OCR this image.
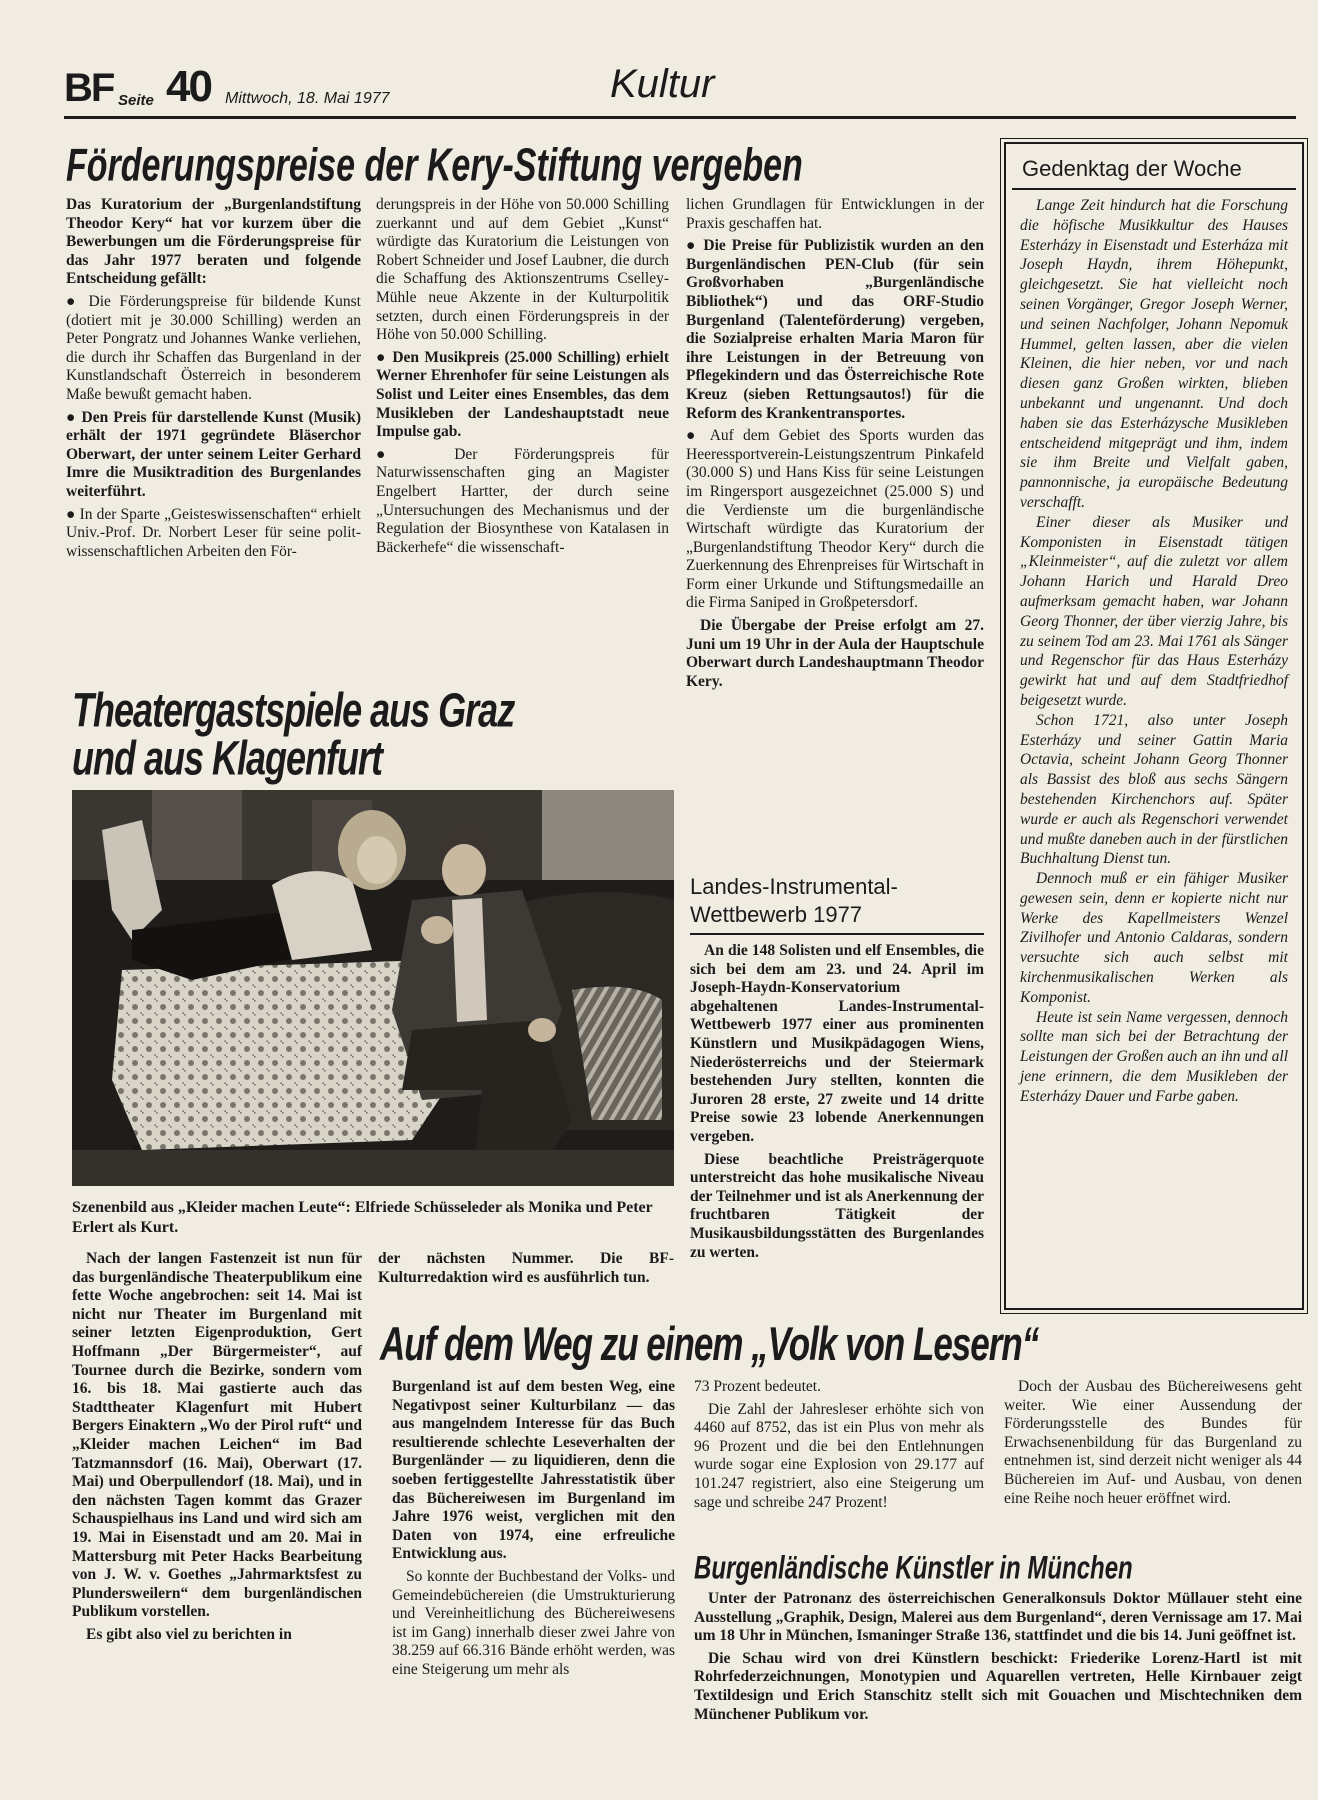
BF Seite 40 Mittwoch, 18. Mai 1977	Kultur
Förderungspreise der Kery-Stiftung vergeben

Das Kuratorium der „Burgenlandstiftung Theodor Kery“ hat vor kurzem über die Bewerbungen um die Förderungspreise für das Jahr 1977 beraten und folgende Entscheidung gefällt:

● Die Förderungspreise für bildende Kunst (dotiert mit je 30.000 Schilling) werden an Peter Pongratz und Johannes Wanke verliehen, die durch ihr Schaffen das Burgenland in der Kunstlandschaft Österreich in besonderem Maße bewußt gemacht haben.

● Den Preis für darstellende Kunst (Musik) erhält der 1971 gegründete Bläserchor Oberwart, der unter seinem Leiter Gerhard Imre die Musiktradition des Burgenlandes weiterführt.

● In der Sparte „Geisteswissenschaften“ erhielt Univ.-Prof. Dr. Norbert Leser für seine polit-wissenschaftlichen Arbeiten den För-

derungspreis in der Höhe von 50.000 Schilling zuerkannt und auf dem Gebiet „Kunst“ würdigte das Kuratorium die Leistungen von Robert Schneider und Josef Laubner, die durch die Schaffung des Aktionszentrums Cselley-Mühle neue Akzente in der Kulturpolitik setzten, durch einen Förderungspreis in der Höhe von 50.000 Schilling.

● Den Musikpreis (25.000 Schilling) erhielt Werner Ehrenhofer für seine Leistungen als Solist und Leiter eines Ensembles, das dem Musikleben der Landeshauptstadt neue Impulse gab.

● Der Förderungspreis für Naturwissenschaften ging an Magister Engelbert Hartter, der durch seine „Untersuchungen des Mechanismus und der Regulation der Biosynthese von Katalasen in Bäckerhefe“ die wissenschaft-

lichen Grundlagen für Entwicklungen in der Praxis geschaffen hat.

● Die Preise für Publizistik wurden an den Burgenländischen PEN-Club (für sein Großvorhaben „Burgenländische Bibliothek“) und das ORF-Studio Burgenland (Talenteförderung) vergeben, die Sozialpreise erhalten Maria Maron für ihre Leistungen in der Betreuung von Pflegekindern und das Österreichische Rote Kreuz (sieben Rettungsautos!) für die Reform des Krankentransportes.

● Auf dem Gebiet des Sports wurden das Heeressportverein-Leistungszentrum Pinkafeld (30.000 S) und Hans Kiss für seine Leistungen im Ringersport ausgezeichnet (25.000 S) und die Verdienste um die burgenländische Wirtschaft würdigte das Kuratorium der „Burgenlandstiftung Theodor Kery“ durch die Zuerkennung des Ehrenpreises für Wirtschaft in Form einer Urkunde und Stiftungsmedaille an die Firma Saniped in Großpetersdorf.

Die Übergabe der Preise erfolgt am 27. Juni um 19 Uhr in der Aula der Hauptschule Oberwart durch Landeshauptmann Theodor Kery.

Theatergastspiele aus Graz
und aus Klagenfurt
Szenenbild aus „Kleider machen Leute“: Elfriede Schüsseleder als Monika und Peter Erlert als Kurt.

Nach der langen Fastenzeit ist nun für das burgenländische Theaterpublikum eine fette Woche angebrochen: seit 14. Mai ist nicht nur Theater im Burgenland mit seiner letzten Eigenproduktion, Gert Hoffmann „Der Bürgermeister“, auf Tournee durch die Bezirke, sondern vom 16. bis 18. Mai gastierte auch das Stadttheater Klagenfurt mit Hubert Bergers Einaktern „Wo der Pirol ruft“ und „Kleider machen Leichen“ im Bad Tatzmannsdorf (16. Mai), Oberwart (17. Mai) und Oberpullendorf (18. Mai), und in den nächsten Tagen kommt das Grazer Schauspielhaus ins Land und wird sich am 19. Mai in Eisenstadt und am 20. Mai in Mattersburg mit Peter Hacks Bearbeitung von J. W. v. Goethes „Jahrmarktsfest zu Plundersweilern“ dem burgenländischen Publikum vorstellen.

Es gibt also viel zu berichten in

der nächsten Nummer. Die BF-Kulturredaktion wird es ausführlich tun.

Landes-Instrumental-
Wettbewerb 1977

An die 148 Solisten und elf Ensembles, die sich bei dem am 23. und 24. April im Joseph-Haydn-Konservatorium abgehaltenen Landes-Instrumental-Wettbewerb 1977 einer aus prominenten Künstlern und Musikpädagogen Wiens, Niederösterreichs und der Steiermark bestehenden Jury stellten, konnten die Juroren 28 erste, 27 zweite und 14 dritte Preise sowie 23 lobende Anerkennungen vergeben.

Diese beachtliche Preisträgerquote unterstreicht das hohe musikalische Niveau der Teilnehmer und ist als Anerkennung der fruchtbaren Tätigkeit der Musikausbildungsstätten des Burgenlandes zu werten.

Gedenktag der Woche

Lange Zeit hindurch hat die Forschung die höfische Musikkultur des Hauses Esterházy in Eisenstadt und Esterháza mit Joseph Haydn, ihrem Höhepunkt, gleichgesetzt. Sie hat vielleicht noch seinen Vorgänger, Gregor Joseph Werner, und seinen Nachfolger, Johann Nepomuk Hummel, gelten lassen, aber die vielen Kleinen, die hier neben, vor und nach diesen ganz Großen wirkten, blieben unbekannt und ungenannt. Und doch haben sie das Esterházysche Musikleben entscheidend mitgeprägt und ihm, indem sie ihm Breite und Vielfalt gaben, pannonnische, ja europäische Bedeutung verschafft.

Einer dieser als Musiker und Komponisten in Eisenstadt tätigen „Kleinmeister“, auf die zuletzt vor allem Johann Harich und Harald Dreo aufmerksam gemacht haben, war Johann Georg Thonner, der über vierzig Jahre, bis zu seinem Tod am 23. Mai 1761 als Sänger und Regenschor für das Haus Esterházy gewirkt hat und auf dem Stadtfriedhof beigesetzt wurde.

Schon 1721, also unter Joseph Esterházy und seiner Gattin Maria Octavia, scheint Johann Georg Thonner als Bassist des bloß aus sechs Sängern bestehenden Kirchenchors auf. Später wurde er auch als Regenschori verwendet und mußte daneben auch in der fürstlichen Buchhaltung Dienst tun.

Dennoch muß er ein fähiger Musiker gewesen sein, denn er kopierte nicht nur Werke des Kapellmeisters Wenzel Zivilhofer und Antonio Caldaras, sondern versuchte sich auch selbst mit kirchenmusikalischen Werken als Komponist.

Heute ist sein Name vergessen, dennoch sollte man sich bei der Betrachtung der Leistungen der Großen auch an ihn und all jene erinnern, die dem Musikleben der Esterházy Dauer und Farbe gaben.

Auf dem Weg zu einem „Volk von Lesern“

Burgenland ist auf dem besten Weg, eine Negativpost seiner Kulturbilanz — das aus mangelndem Interesse für das Buch resultierende schlechte Leseverhalten der Burgenländer — zu liquidieren, denn die soeben fertiggestellte Jahresstatistik über das Büchereiwesen im Burgenland im Jahre 1976 weist, verglichen mit den Daten von 1974, eine erfreuliche Entwicklung aus.

So konnte der Buchbestand der Volks- und Gemeindebüchereien (die Umstrukturierung und Vereinheitlichung des Büchereiwesens ist im Gang) innerhalb dieser zwei Jahre von 38.259 auf 66.316 Bände erhöht werden, was eine Steigerung um mehr als

73 Prozent bedeutet.

Die Zahl der Jahresleser erhöhte sich von 4460 auf 8752, das ist ein Plus von mehr als 96 Prozent und die bei den Entlehnungen wurde sogar eine Explosion von 29.177 auf 101.247 registriert, also eine Steigerung um sage und schreibe 247 Prozent!

Doch der Ausbau des Büchereiwesens geht weiter. Wie einer Aussendung der Förderungsstelle des Bundes für Erwachsenenbildung für das Burgenland zu entnehmen ist, sind derzeit nicht weniger als 44 Büchereien im Auf- und Ausbau, von denen eine Reihe noch heuer eröffnet wird.

Burgenländische Künstler in München

Unter der Patronanz des österreichischen Generalkonsuls Doktor Müllauer steht eine Ausstellung „Graphik, Design, Malerei aus dem Burgenland“, deren Vernissage am 17. Mai um 18 Uhr in München, Ismaninger Straße 136, stattfindet und die bis 14. Juni geöffnet ist.

Die Schau wird von drei Künstlern beschickt: Friederike Lorenz-Hartl ist mit Rohrfederzeichnungen, Monotypien und Aquarellen vertreten, Helle Kirnbauer zeigt Textildesign und Erich Stanschitz stellt sich mit Gouachen und Mischtechniken dem Münchener Publikum vor.
